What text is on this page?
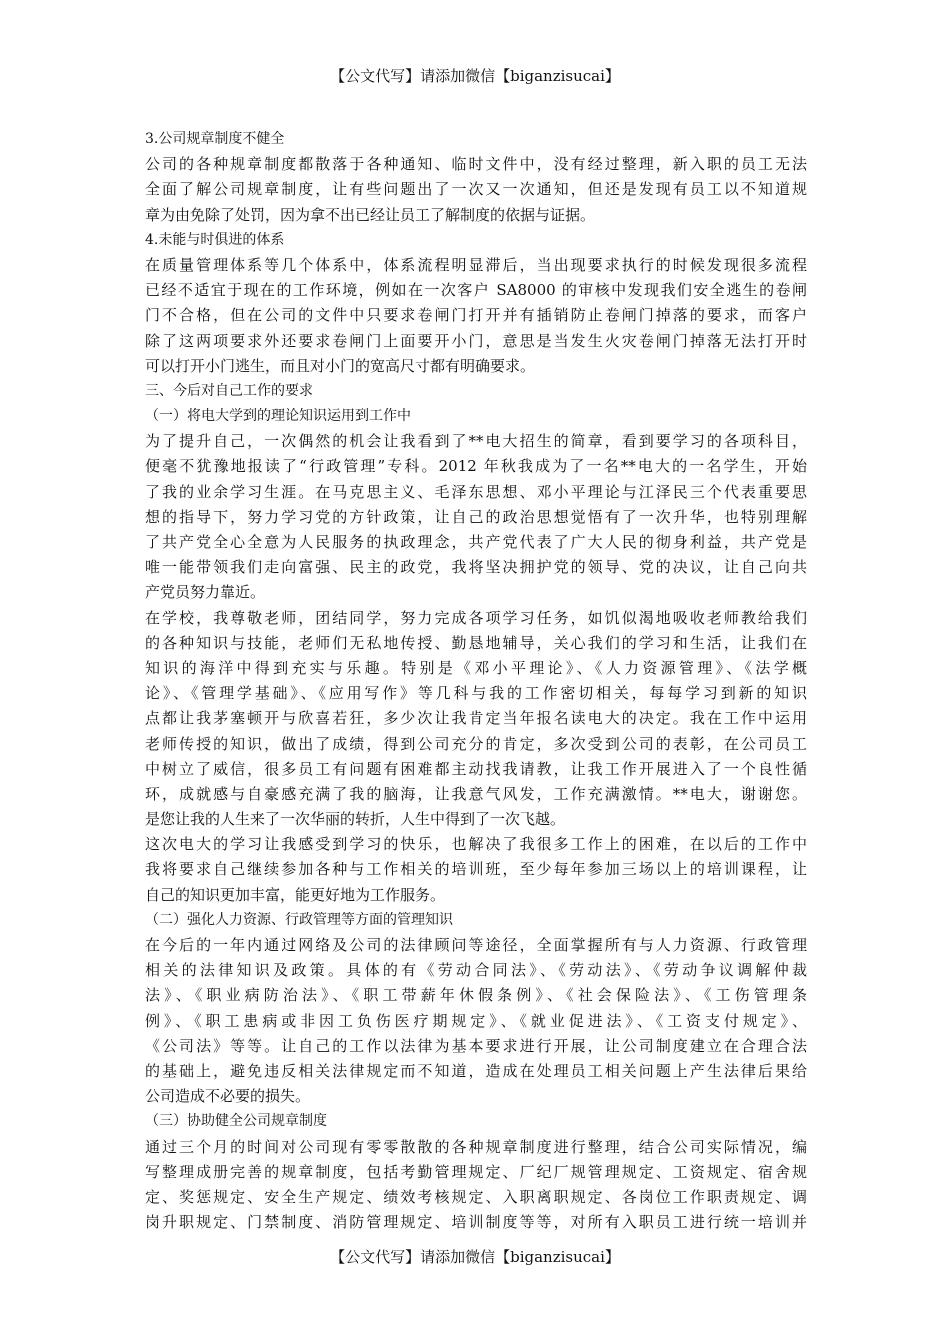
【公文代写】请添加微信【biganzisucai】
3.公司规章制度不健全
公司的各种规章制度都散落于各种通知、临时文件中，没有经过整理，新入职的员工无法
全面了解公司规章制度，让有些问题出了一次又一次通知，但还是发现有员工以不知道规
章为由免除了处罚，因为拿不出已经让员工了解制度的依据与证据。
4.未能与时俱进的体系
在质量管理体系等几个体系中，体系流程明显滞后，当出现要求执行的时候发现很多流程
已经不适宜于现在的工作环境，例如在一次客户 SA8000 的审核中发现我们安全逃生的卷闸
门不合格，但在公司的文件中只要求卷闸门打开并有插销防止卷闸门掉落的要求，而客户
除了这两项要求外还要求卷闸门上面要开小门，意思是当发生火灾卷闸门掉落无法打开时
可以打开小门逃生，而且对小门的宽高尺寸都有明确要求。
三、今后对自己工作的要求
（一）将电大学到的理论知识运用到工作中
为了提升自己，一次偶然的机会让我看到了**电大招生的简章，看到要学习的各项科目，
便毫不犹豫地报读了“行政管理”专科。2012 年秋我成为了一名**电大的一名学生，开始
了我的业余学习生涯。在马克思主义、毛泽东思想、邓小平理论与江泽民三个代表重要思
想的指导下，努力学习党的方针政策，让自己的政治思想觉悟有了一次升华，也特别理解
了共产党全心全意为人民服务的执政理念，共产党代表了广大人民的彻身利益，共产党是
唯一能带领我们走向富强、民主的政党，我将坚决拥护党的领导、党的决议，让自己向共
产党员努力靠近。
在学校，我尊敬老师，团结同学，努力完成各项学习任务，如饥似渴地吸收老师教给我们
的各种知识与技能，老师们无私地传授、勤恳地辅导，关心我们的学习和生活，让我们在
知识的海洋中得到充实与乐趣。特别是《邓小平理论》、《人力资源管理》、《法学概
论》、《管理学基础》、《应用写作》等几科与我的工作密切相关，每每学习到新的知识
点都让我茅塞顿开与欣喜若狂，多少次让我肯定当年报名读电大的决定。我在工作中运用
老师传授的知识，做出了成绩，得到公司充分的肯定，多次受到公司的表彰，在公司员工
中树立了威信，很多员工有问题有困难都主动找我请教，让我工作开展进入了一个良性循
环，成就感与自豪感充满了我的脑海，让我意气风发，工作充满激情。**电大，谢谢您。
是您让我的人生来了一次华丽的转折，人生中得到了一次飞越。
这次电大的学习让我感受到学习的快乐，也解决了我很多工作上的困难，在以后的工作中
我将要求自己继续参加各种与工作相关的培训班，至少每年参加三场以上的培训课程，让
自己的知识更加丰富，能更好地为工作服务。
（二）强化人力资源、行政管理等方面的管理知识
在今后的一年内通过网络及公司的法律顾问等途径，全面掌握所有与人力资源、行政管理
相关的法律知识及政策。具体的有《劳动合同法》、《劳动法》、《劳动争议调解仲裁
法》、《职业病防治法》、《职工带薪年休假条例》、《社会保险法》、《工伤管理条
例》、《职工患病或非因工负伤医疗期规定》、《就业促进法》、《工资支付规定》、
《公司法》等等。让自己的工作以法律为基本要求进行开展，让公司制度建立在合理合法
的基础上，避免违反相关法律规定而不知道，造成在处理员工相关问题上产生法律后果给
公司造成不必要的损失。
（三）协助健全公司规章制度
通过三个月的时间对公司现有零零散散的各种规章制度进行整理，结合公司实际情况，编
写整理成册完善的规章制度，包括考勤管理规定、厂纪厂规管理规定、工资规定、宿舍规
定、奖惩规定、安全生产规定、绩效考核规定、入职离职规定、各岗位工作职责规定、调
岗升职规定、门禁制度、消防管理规定、培训制度等等，对所有入职员工进行统一培训并
【公文代写】请添加微信【biganzisucai】
